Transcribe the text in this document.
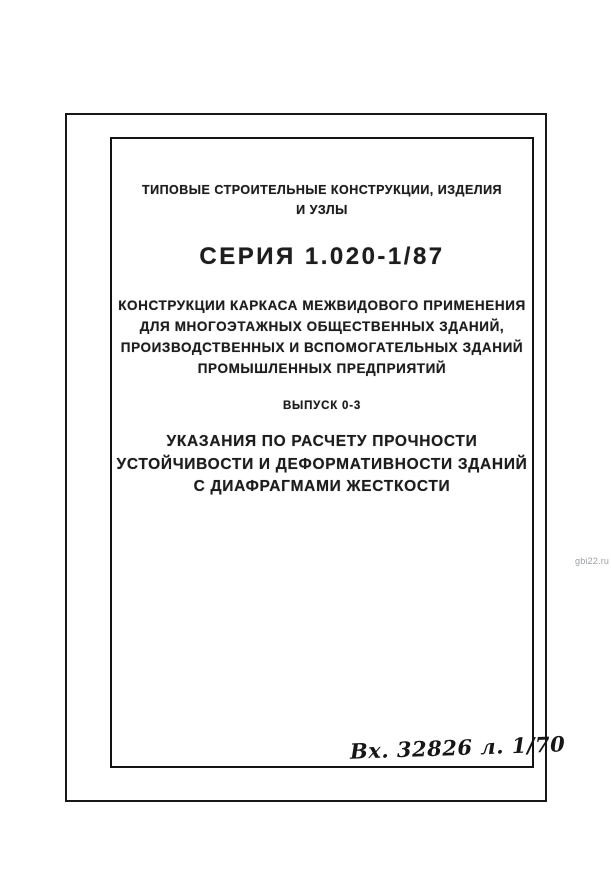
ТИПОВЫЕ СТРОИТЕЛЬНЫЕ КОНСТРУКЦИИ, ИЗДЕЛИЯ
И УЗЛЫ
СЕРИЯ 1.020-1/87
КОНСТРУКЦИИ КАРКАСА МЕЖВИДОВОГО ПРИМЕНЕНИЯ
ДЛЯ МНОГОЭТАЖНЫХ ОБЩЕСТВЕННЫХ ЗДАНИЙ,
ПРОИЗВОДСТВЕННЫХ И ВСПОМОГАТЕЛЬНЫХ ЗДАНИЙ
ПРОМЫШЛЕННЫХ ПРЕДПРИЯТИЙ
ВЫПУСК 0-3
УКАЗАНИЯ ПО РАСЧЕТУ ПРОЧНОСТИ
УСТОЙЧИВОСТИ И ДЕФОРМАТИВНОСТИ ЗДАНИЙ
С ДИАФРАГМАМИ ЖЕСТКОСТИ
Вх. 32826 л. 1/70
gbi22.ru
